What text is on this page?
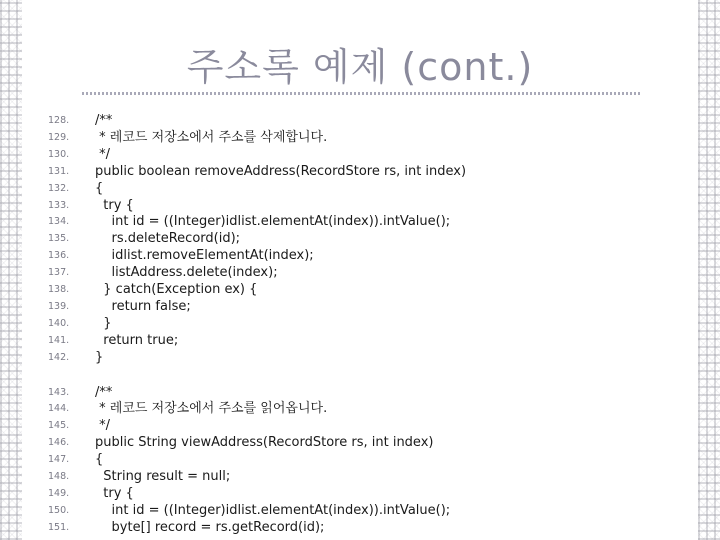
주소록 예제 (cont.)
128.	/**
129.	* 레코드 저장소에서 주소를 삭제합니다.
130.	*/
131.	public boolean removeAddress(RecordStore rs, int index)
132.	{
133.	try {
134.	int id = ((Integer)idlist.elementAt(index)).intValue();
135.	rs.deleteRecord(id);
136.	idlist.removeElementAt(index);
137.	listAddress.delete(index);
138.	} catch(Exception ex) {
139.	return false;
140.	}
141.	return true;
142.	}
143.	/**
144.	* 레코드 저장소에서 주소를 읽어옵니다.
145.	*/
146.	public String viewAddress(RecordStore rs, int index)
147.	{
148.	String result = null;
149.	try {
150.	int id = ((Integer)idlist.elementAt(index)).intValue();
151.	byte[] record = rs.getRecord(id);
